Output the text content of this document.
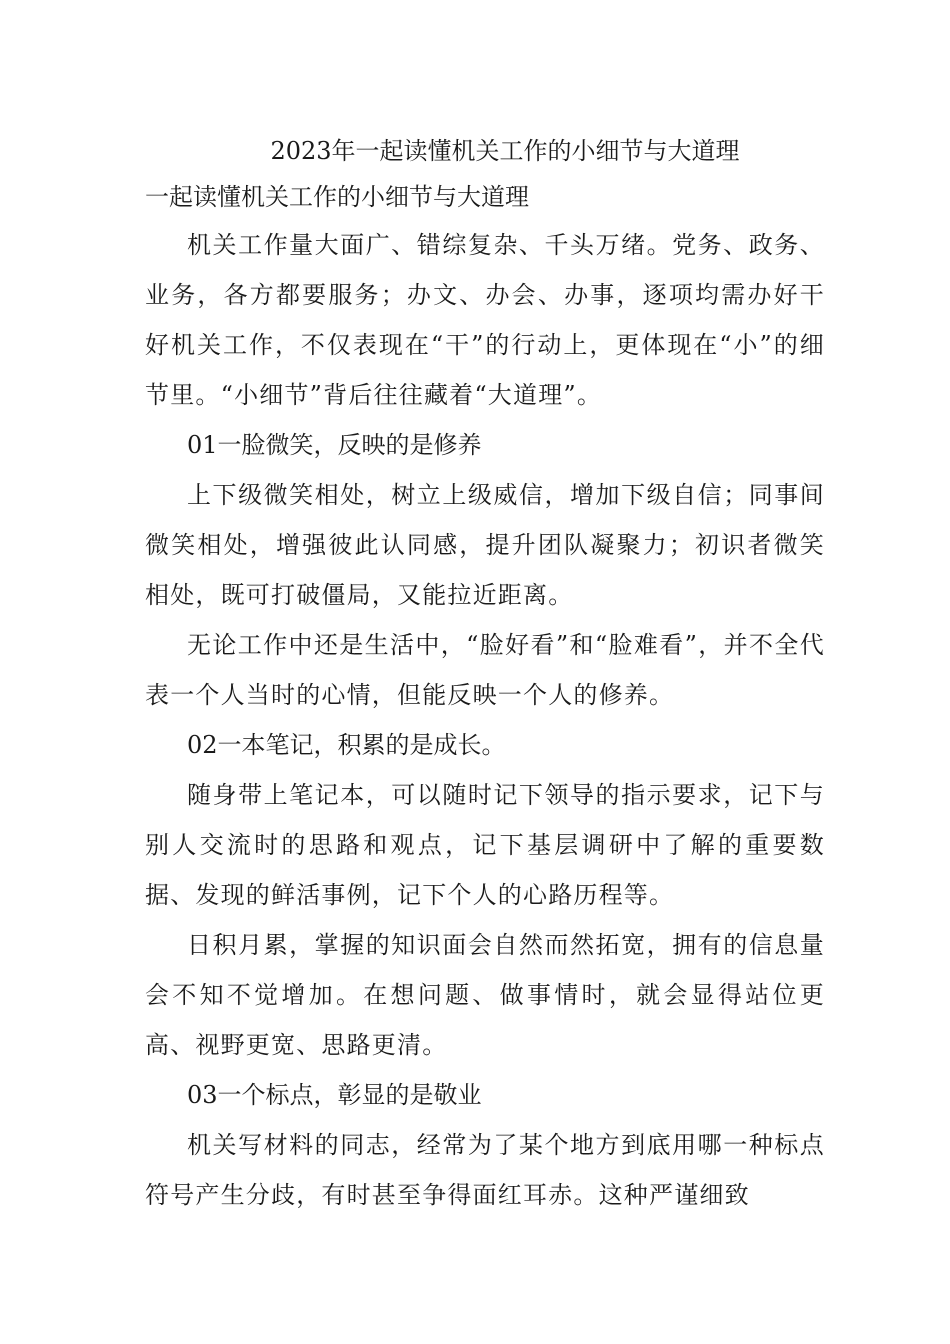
2023年一起读懂机关工作的小细节与大道理

一起读懂机关工作的小细节与大道理

机关工作量大面广、错综复杂、千头万绪。党务、政务、业务，各方都要服务；办文、办会、办事，逐项均需办好干好机关工作，不仅表现在“干”的行动上，更体现在“小”的细节里。“小细节”背后往往藏着“大道理”。

01一脸微笑，反映的是修养

上下级微笑相处，树立上级威信，增加下级自信；同事间微笑相处，增强彼此认同感，提升团队凝聚力；初识者微笑相处，既可打破僵局，又能拉近距离。

无论工作中还是生活中，“脸好看”和“脸难看”，并不全代表一个人当时的心情，但能反映一个人的修养。

02一本笔记，积累的是成长。

随身带上笔记本，可以随时记下领导的指示要求，记下与别人交流时的思路和观点，记下基层调研中了解的重要数据、发现的鲜活事例，记下个人的心路历程等。

日积月累，掌握的知识面会自然而然拓宽，拥有的信息量会不知不觉增加。在想问题、做事情时，就会显得站位更高、视野更宽、思路更清。

03一个标点，彰显的是敬业

机关写材料的同志，经常为了某个地方到底用哪一种标点符号产生分歧，有时甚至争得面红耳赤。这种严谨细致
